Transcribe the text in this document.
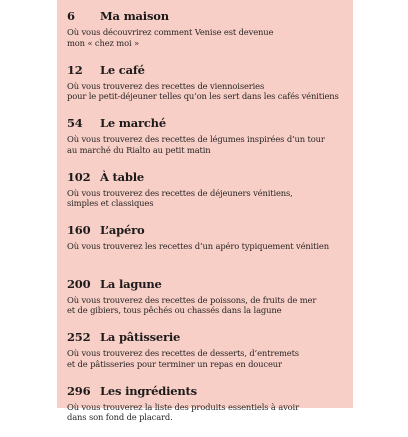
6	Ma maison
Où vous découvrirez comment Venise est devenue
mon « chez moi »
12	Le café
Où vous trouverez des recettes de viennoiseries
pour le petit-déjeuner telles qu’on les sert dans les cafés vénitiens
54	Le marché
Où vous trouverez des recettes de légumes inspirées d’un tour
au marché du Rialto au petit matin
102 À table
Où vous trouverez des recettes de déjeuners vénitiens,
simples et classiques
160 L’apéro
Où vous trouverez les recettes d’un apéro typiquement vénitien
200 La lagune
Où vous trouverez des recettes de poissons, de fruits de mer
et de gibiers, tous pêchés ou chassés dans la lagune
252 La pâtisserie
Où vous trouverez des recettes de desserts, d’entremets
et de pâtisseries pour terminer un repas en douceur
296 Les ingrédients
Où vous trouverez la liste des produits essentiels à avoir
dans son fond de placard.
